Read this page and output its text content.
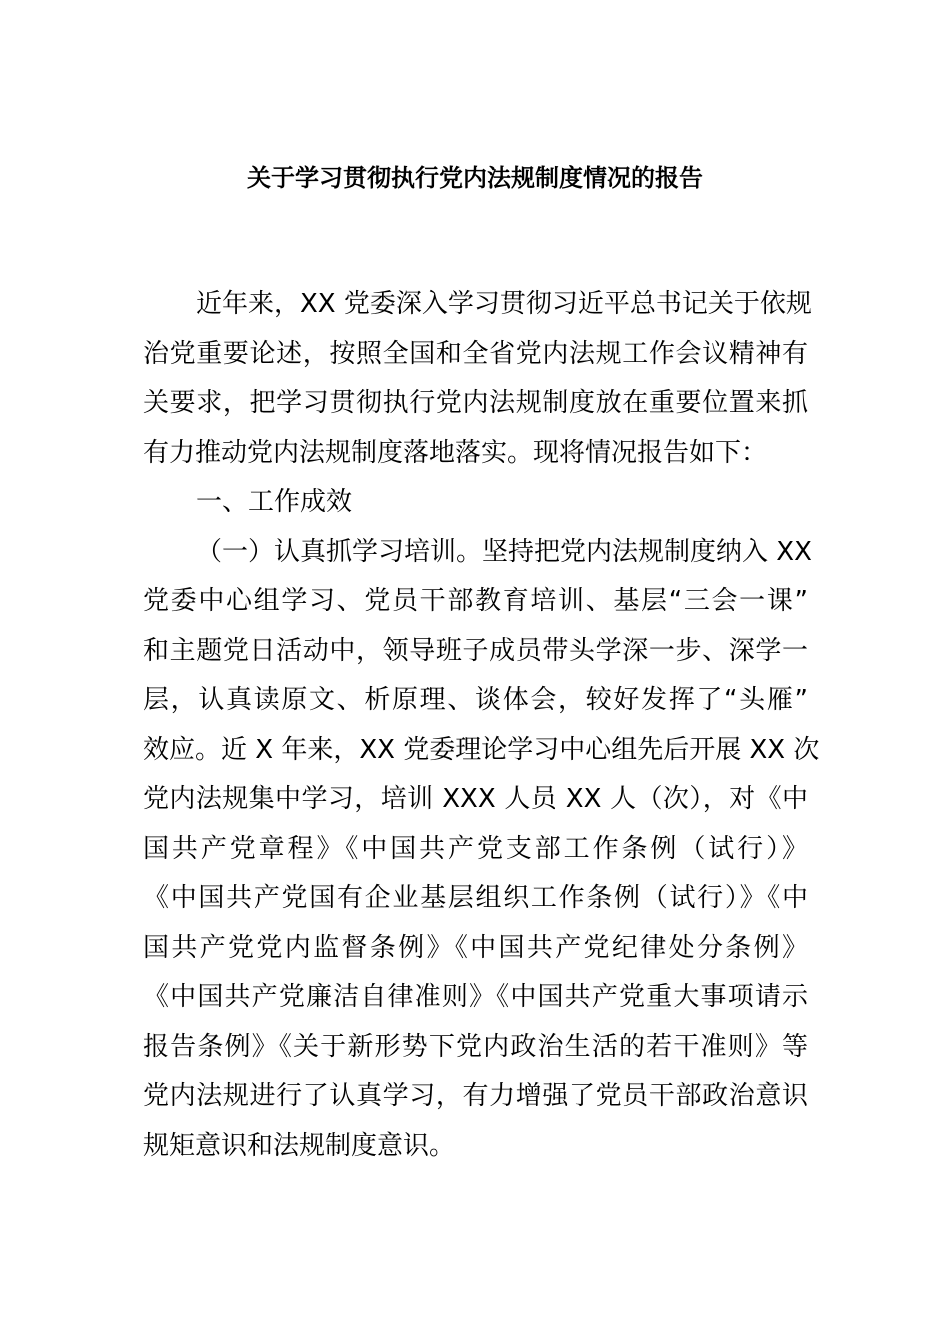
关于学习贯彻执行党内法规制度情况的报告
近年来，XX 党委深入学习贯彻习近平总书记关于依规
治党重要论述，按照全国和全省党内法规工作会议精神有
关要求，把学习贯彻执行党内法规制度放在重要位置来抓
有力推动党内法规制度落地落实。现将情况报告如下：
一、工作成效
（一）认真抓学习培训。坚持把党内法规制度纳入 XX
党委中心组学习、党员干部教育培训、基层“三会一课”
和主题党日活动中，领导班子成员带头学深一步、深学一
层，认真读原文、析原理、谈体会，较好发挥了“头雁”
效应。近 X 年来，XX 党委理论学习中心组先后开展 XX 次
党内法规集中学习，培训 XXX 人员 XX 人（次），对《中
国共产党章程》《中国共产党支部工作条例（试行）》
《中国共产党国有企业基层组织工作条例（试行）》《中
国共产党党内监督条例》《中国共产党纪律处分条例》
《中国共产党廉洁自律准则》《中国共产党重大事项请示
报告条例》《关于新形势下党内政治生活的若干准则》等
党内法规进行了认真学习，有力增强了党员干部政治意识
规矩意识和法规制度意识。
